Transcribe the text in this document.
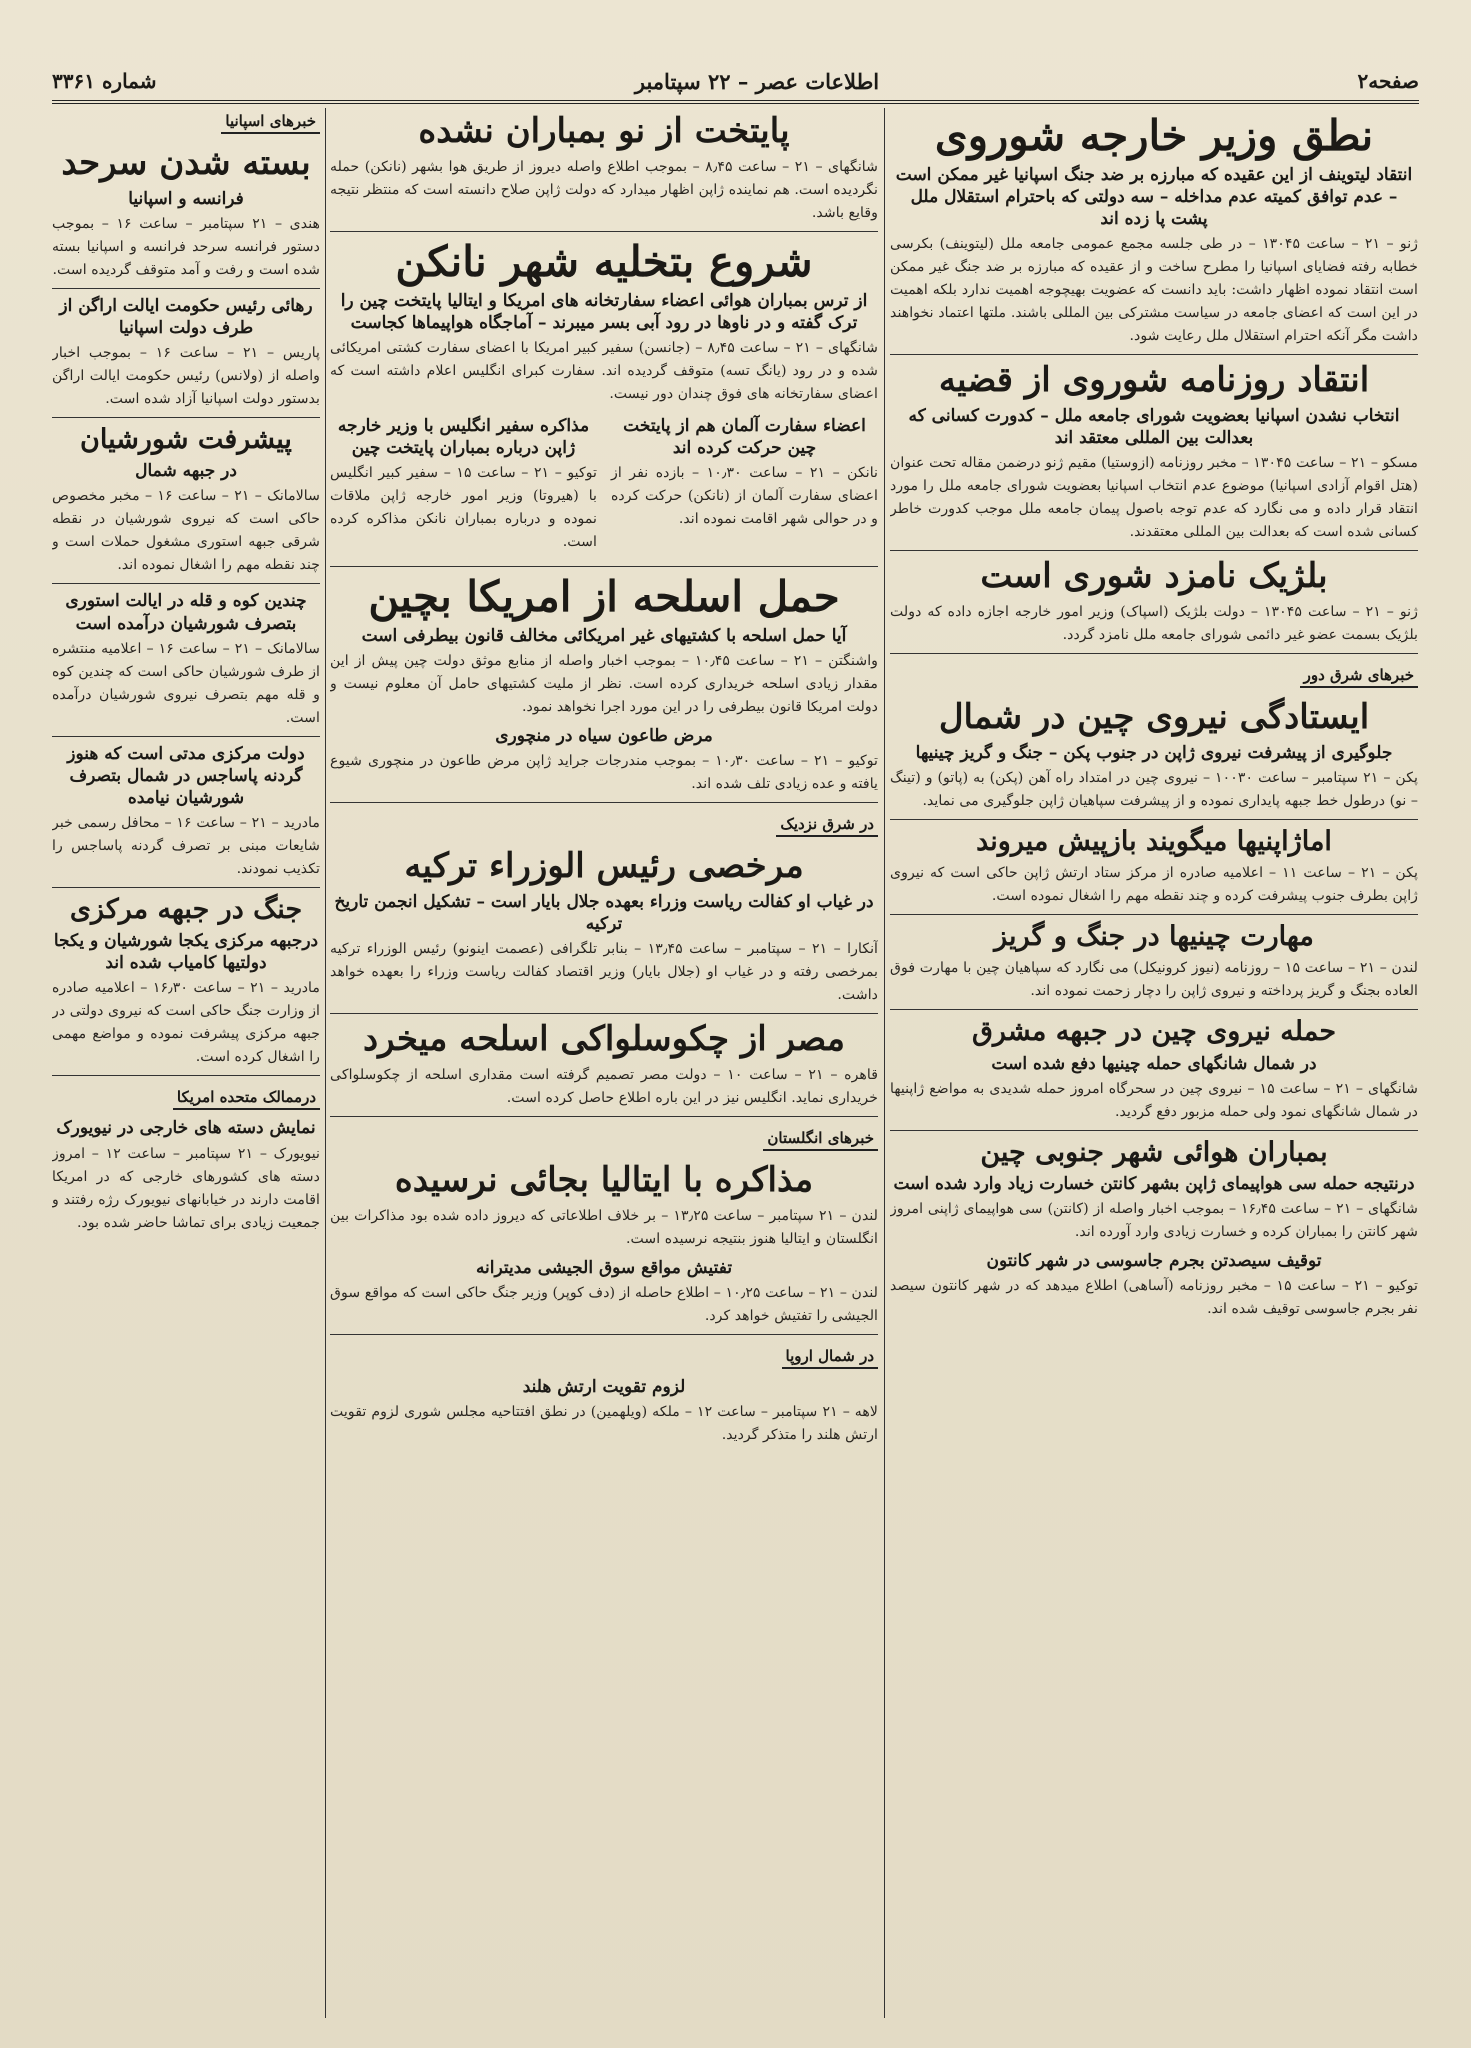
صفحه۲
اطلاعات عصر – ۲۲ سپتامبر
شماره ۳۳۶۱
نطق وزیر خارجه شوروی
انتقاد لیتوینف از این عقیده که مبارزه بر ضد جنگ اسپانیا غیر ممکن است – عدم توافق کمیته عدم مداخله – سه دولتی که باحترام استقلال ملل پشت پا زده اند

ژنو – ۲۱ – ساعت ۱۳۰۴۵ – در طی جلسه مجمع عمومی جامعه ملل (لیتوینف) بکرسی خطابه رفته فضایای اسپانیا را مطرح ساخت و از عقیده که مبارزه بر ضد جنگ غیر ممکن است انتقاد نموده اظهار داشت: باید دانست که عضویت بهیچوجه اهمیت ندارد بلکه اهمیت در این است که اعضای جامعه در سیاست مشترکی بین المللی باشند. ملتها اعتماد نخواهند داشت مگر آنکه احترام استقلال ملل رعایت شود.

انتقاد روزنامه شوروی از قضیه
انتخاب نشدن اسپانیا بعضویت شورای جامعه ملل – کدورت کسانی که بعدالت بین المللی معتقد اند

مسکو – ۲۱ – ساعت ۱۳۰۴۵ – مخبر روزنامه (ازوستیا) مقیم ژنو درضمن مقاله تحت عنوان (هتل اقوام آزادی اسپانیا) موضوع عدم انتخاب اسپانیا بعضویت شورای جامعه ملل را مورد انتقاد قرار داده و می نگارد که عدم توجه باصول پیمان جامعه ملل موجب کدورت خاطر کسانی شده است که بعدالت بین المللی معتقدند.

بلژیک نامزد شوری است

ژنو – ۲۱ – ساعت ۱۳۰۴۵ – دولت بلژیک (اسپاک) وزیر امور خارجه اجازه داده که دولت بلژیک بسمت عضو غیر دائمی شورای جامعه ملل نامزد گردد.

خبرهای شرق دور
ایستادگی نیروی چین در شمال
جلوگیری از پیشرفت نیروی ژاپن در جنوب پکن – جنگ و گریز چینیها

پکن – ۲۱ سپتامبر – ساعت ۱۰۰۳۰ – نیروی چین در امتداد راه آهن (پکن) به (پاتو) و (تینگ – نو) درطول خط جبهه پایداری نموده و از پیشرفت سپاهیان ژاپن جلوگیری می نماید.

اماژاپنیها میگویند بازپیش میروند

پکن – ۲۱ – ساعت ۱۱ – اعلامیه صادره از مرکز ستاد ارتش ژاپن حاکی است که نیروی ژاپن بطرف جنوب پیشرفت کرده و چند نقطه مهم را اشغال نموده است.

مهارت چینیها در جنگ و گریز

لندن – ۲۱ – ساعت ۱۵ – روزنامه (نیوز کرونیکل) می نگارد که سپاهیان چین با مهارت فوق العاده بجنگ و گریز پرداخته و نیروی ژاپن را دچار زحمت نموده اند.

حمله نیروی چین در جبهه مشرق
در شمال شانگهای حمله چینیها دفع شده است

شانگهای – ۲۱ – ساعت ۱۵ – نیروی چین در سحرگاه امروز حمله شدیدی به مواضع ژاپنیها در شمال شانگهای نمود ولی حمله مزبور دفع گردید.

بمباران هوائی شهر جنوبی چین
درنتیجه حمله سی هواپیمای ژاپن بشهر کانتن خسارت زیاد وارد شده است

شانگهای – ۲۱ – ساعت ۱۶٫۴۵ – بموجب اخبار واصله از (کانتن) سی هواپیمای ژاپنی امروز شهر کانتن را بمباران کرده و خسارت زیادی وارد آورده اند.

توقیف سیصدتن بجرم جاسوسی در شهر کانتون

توکیو – ۲۱ – ساعت ۱۵ – مخبر روزنامه (آساهی) اطلاع میدهد که در شهر کانتون سیصد نفر بجرم جاسوسی توقیف شده اند.

پایتخت از نو بمباران نشده

شانگهای – ۲۱ – ساعت ۸٫۴۵ – بموجب اطلاع واصله دیروز از طریق هوا بشهر (نانکن) حمله نگردیده است. هم نماینده ژاپن اظهار میدارد که دولت ژاپن صلاح دانسته است که منتظر نتیجه وقایع باشد.

شروع بتخلیه شهر نانکن
از ترس بمباران هوائی اعضاء سفارتخانه های امریکا و ایتالیا پایتخت چین را ترک گفته و در ناوها در رود آبی بسر میبرند – آماجگاه هواپیماها کجاست

شانگهای – ۲۱ – ساعت ۸٫۴۵ – (جانسن) سفیر کبیر امریکا با اعضای سفارت کشتی امریکائی شده و در رود (یانگ تسه) متوقف گردیده اند. سفارت کبرای انگلیس اعلام داشته است که اعضای سفارتخانه های فوق چندان دور نیست.

اعضاء سفارت آلمان هم از پایتخت چین حرکت کرده اند

نانکن – ۲۱ – ساعت ۱۰٫۳۰ – بازده نفر از اعضای سفارت آلمان از (نانکن) حرکت کرده و در حوالی شهر اقامت نموده اند.

مذاکره سفیر انگلیس با وزیر خارجه ژاپن درباره بمباران پایتخت چین

توکیو – ۲۱ – ساعت ۱۵ – سفیر کبیر انگلیس با (هیروتا) وزیر امور خارجه ژاپن ملاقات نموده و درباره بمباران نانکن مذاکره کرده است.

حمل اسلحه از امریکا بچین
آیا حمل اسلحه با کشتیهای غیر امریکائی مخالف قانون بیطرفی است

واشنگتن – ۲۱ – ساعت ۱۰٫۴۵ – بموجب اخبار واصله از منابع موثق دولت چین پیش از این مقدار زیادی اسلحه خریداری کرده است. نظر از ملیت کشتیهای حامل آن معلوم نیست و دولت امریکا قانون بیطرفی را در این مورد اجرا نخواهد نمود.

مرض طاعون سیاه در منچوری

توکیو – ۲۱ – ساعت ۱۰٫۳۰ – بموجب مندرجات جراید ژاپن مرض طاعون در منچوری شیوع یافته و عده زیادی تلف شده اند.

در شرق نزدیک
مرخصی رئیس الوزراء ترکیه
در غیاب او کفالت ریاست وزراء بعهده جلال بایار است – تشکیل انجمن تاریخ ترکیه

آنکارا – ۲۱ – سپتامبر – ساعت ۱۳٫۴۵ – بنابر تلگرافی (عصمت اینونو) رئیس الوزراء ترکیه بمرخصی رفته و در غیاب او (جلال بایار) وزیر اقتصاد کفالت ریاست وزراء را بعهده خواهد داشت.

مصر از چکوسلواکی اسلحه میخرد

قاهره – ۲۱ – ساعت ۱۰ – دولت مصر تصمیم گرفته است مقداری اسلحه از چکوسلواکی خریداری نماید. انگلیس نیز در این باره اطلاع حاصل کرده است.

خبرهای انگلستان
مذاکره با ایتالیا بجائی نرسیده

لندن – ۲۱ سپتامبر – ساعت ۱۳٫۲۵ – بر خلاف اطلاعاتی که دیروز داده شده بود مذاکرات بین انگلستان و ایتالیا هنوز بنتیجه نرسیده است.

تفتیش مواقع سوق الجیشی مدیترانه

لندن – ۲۱ – ساعت ۱۰٫۲۵ – اطلاع حاصله از (دف کوپر) وزیر جنگ حاکی است که مواقع سوق الجیشی را تفتیش خواهد کرد.

در شمال اروپا
لزوم تقویت ارتش هلند

لاهه – ۲۱ سپتامبر – ساعت ۱۲ – ملکه (ویلهمین) در نطق افتتاحیه مجلس شوری لزوم تقویت ارتش هلند را متذکر گردید.

خبرهای اسپانیا
بسته شدن سرحد
فرانسه و اسپانیا

هندی – ۲۱ سپتامبر – ساعت ۱۶ – بموجب دستور فرانسه سرحد فرانسه و اسپانیا بسته شده است و رفت و آمد متوقف گردیده است.

رهائی رئیس حکومت ایالت اراگن از طرف دولت اسپانیا

پاریس – ۲۱ – ساعت ۱۶ – بموجب اخبار واصله از (ولانس) رئیس حکومت ایالت اراگن بدستور دولت اسپانیا آزاد شده است.

پیشرفت شورشیان
در جبهه شمال

سالامانک – ۲۱ – ساعت ۱۶ – مخبر مخصوص حاکی است که نیروی شورشیان در نقطه شرقی جبهه استوری مشغول حملات است و چند نقطه مهم را اشغال نموده اند.

چندین کوه و قله در ایالت استوری بتصرف شورشیان درآمده است

سالامانک – ۲۱ – ساعت ۱۶ – اعلامیه منتشره از طرف شورشیان حاکی است که چندین کوه و قله مهم بتصرف نیروی شورشیان درآمده است.

دولت مرکزی مدتی است که هنوز گردنه پاساجس در شمال بتصرف شورشیان نیامده

مادرید – ۲۱ – ساعت ۱۶ – محافل رسمی خبر شایعات مبنی بر تصرف گردنه پاساجس را تکذیب نمودند.

جنگ در جبهه مرکزی
درجبهه مرکزی یکجا شورشیان و یکجا دولتیها کامیاب شده اند

مادرید – ۲۱ – ساعت ۱۶٫۳۰ – اعلامیه صادره از وزارت جنگ حاکی است که نیروی دولتی در جبهه مرکزی پیشرفت نموده و مواضع مهمی را اشغال کرده است.

درممالک متحده امریکا
نمایش دسته های خارجی در نیویورک

نیویورک – ۲۱ سپتامبر – ساعت ۱۲ – امروز دسته های کشورهای خارجی که در امریکا اقامت دارند در خیابانهای نیویورک رژه رفتند و جمعیت زیادی برای تماشا حاضر شده بود.
